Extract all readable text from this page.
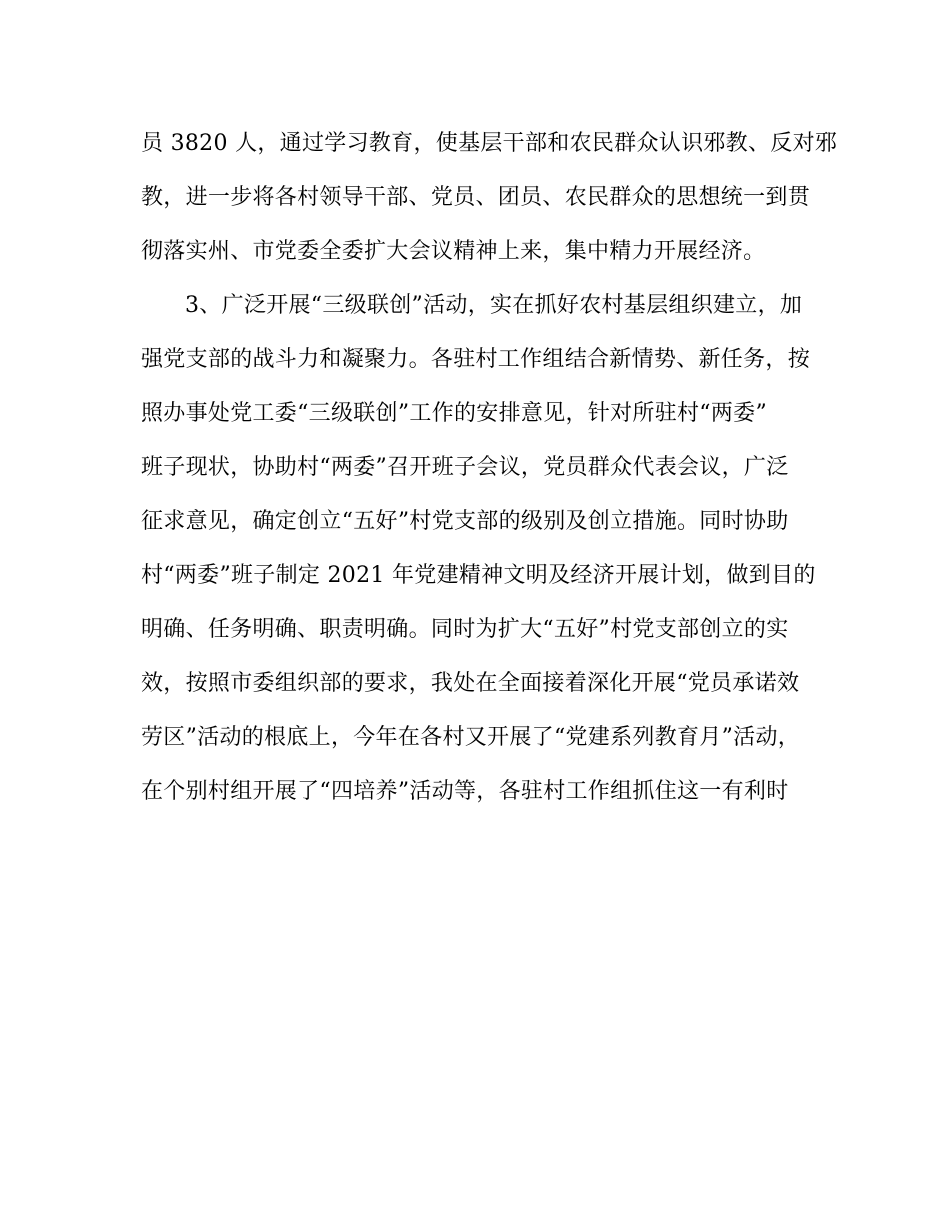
员 3820 人，通过学习教育，使基层干部和农民群众认识邪教、反对邪
教，进一步将各村领导干部、党员、团员、农民群众的思想统一到贯
彻落实州、市党委全委扩大会议精神上来，集中精力开展经济。
3、广泛开展“三级联创”活动，实在抓好农村基层组织建立，加
强党支部的战斗力和凝聚力。各驻村工作组结合新情势、新任务，按
照办事处党工委“三级联创”工作的安排意见，针对所驻村“两委”
班子现状，协助村“两委”召开班子会议，党员群众代表会议，广泛
征求意见，确定创立“五好”村党支部的级别及创立措施。同时协助
村“两委”班子制定 2021 年党建精神文明及经济开展计划，做到目的
明确、任务明确、职责明确。同时为扩大“五好”村党支部创立的实
效，按照市委组织部的要求，我处在全面接着深化开展“党员承诺效
劳区”活动的根底上，今年在各村又开展了“党建系列教育月”活动，
在个别村组开展了“四培养”活动等，各驻村工作组抓住这一有利时
